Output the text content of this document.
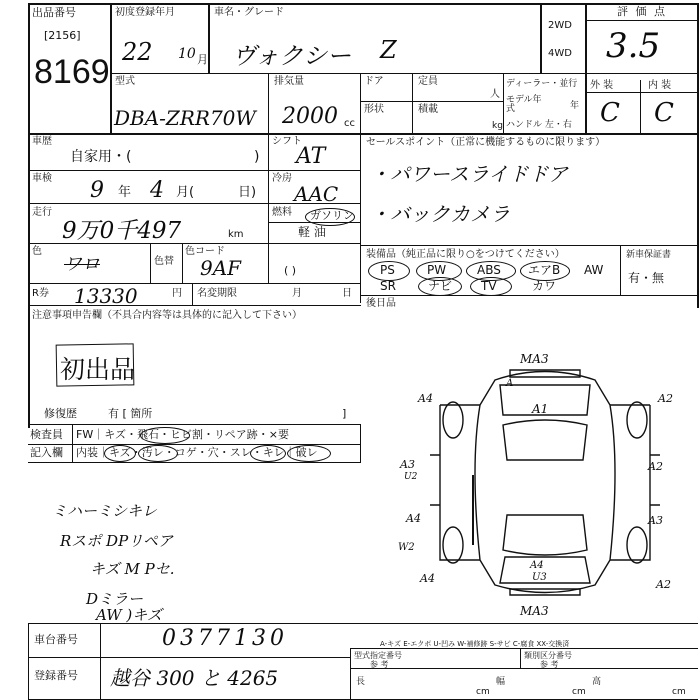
出品番号
[2156]
8169
初度登録年月
22 10 月
車名・グレード
ヴォクシー Z
2WD
4WD
評 価 点
3.5
型式
DBA-ZRR70W
排気量
2000 cc
ドア	定員
人
形状	積載
kg
ディーラー・並行
モデル年式	年
ハンドル 左・右
外 装	内 装
C C
車歴
自家用・(	)
シフト
AT
車検 9 年 4 月(	日)
冷房
AAC
走行
9万0千497	km
燃料 ガソリン
軽 油
( )
色
ワロ	色替
色コード
9AF
R券 13330	円 名変期限	月	日
注意事項申告欄（不具合内容等は具体的に記入して下さい）
初出品
修復歴	有 [ 箇所	]
検査員 FW｜キズ・飛石・ヒビ割・リペア跡・×要
記入欄 内装｜キズ・汚レ・コゲ・穴・スレ・キレ｜破レ
ミハーミシキレ
Rスポ DPリペア
キズ M Pセ.
Dミラー
AW )キズ
セールスポイント（正常に機能するものに限ります）
・パワースライドドア
・バックカメラ
装備品（純正品に限り○をつけてください）	新車保証書
有・無
PS	PW	ABS エアB AW
SR	ナビ TV	カワ
後日品
MA3
A1
A
A4	A2
A3
U2
A2
A3
A4
W2
A4	U3
A2
A4
MA3
A-キズ E-エクボ U-凹み W-補修跡 S-サビ C-腐食 XX-交換済
車台番号	0377130
登録番号 越谷 300 と 4265
型式指定番号
参 考
類別区分番号
参 考
長
cm
幅
cm
高
cm
